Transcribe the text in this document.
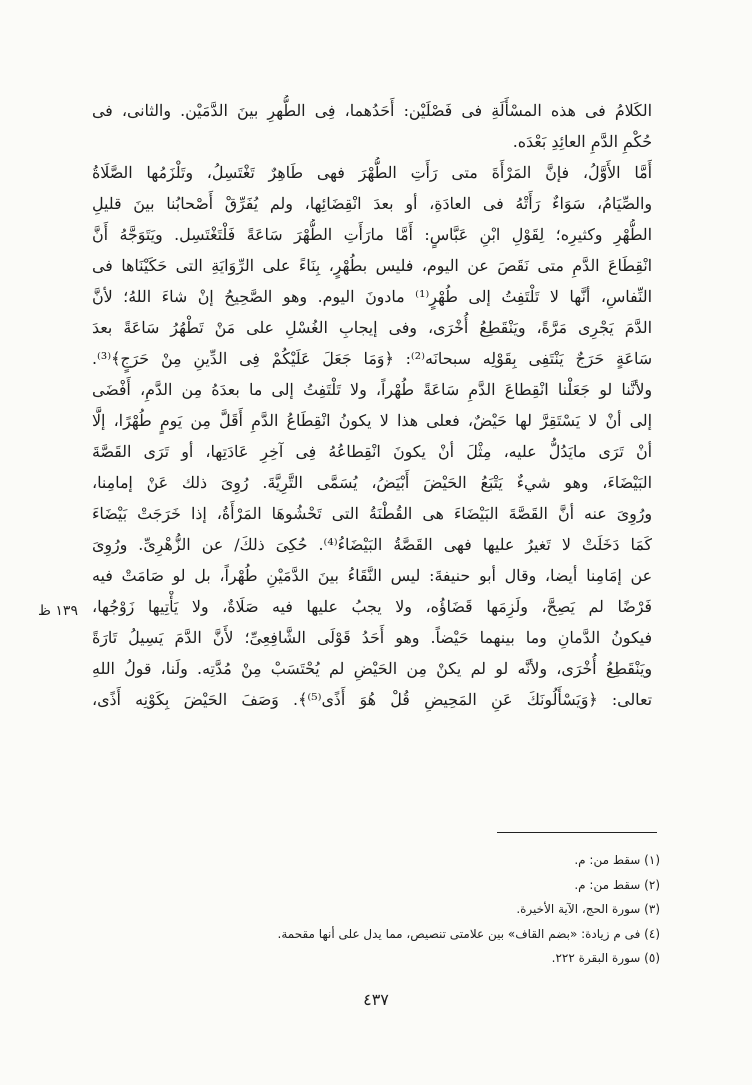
الكَلامُ فى هذه المسْأَلَةِ فى فَصْلَيْن: أَحَدُهما، فِى الطُّهرِ بينَ الدَّمَيْن. والثانى، فى
حُكْمِ الدَّمِ العائِدِ بَعْدَه.
أَمَّا الأَوَّلُ، فإنَّ المَرْأَةَ متى رَأَتِ الطُّهْرَ فهى طَاهِرٌ تَغْتَسِلُ، وتَلْزَمُها الصَّلَاةُ
والصِّيَامُ، سَوَاءٌ رَأَتْهُ فى العادَةِ، أو بعدَ انْقِضَائِها، ولم يُفَرِّقْ أَصْحابُنا بينَ قليلِ
الطُّهْرِ وكثيرِه؛ لِقَوْلِ ابْنِ عَبَّاسٍ: أَمَّا مارَأَتِ الطُّهْرَ سَاعَةً فَلْتَغْتَسِل. ويَتَوَجَّهُ أَنَّ
انْقِطَاعَ الدَّمِ متى نَقَصَ عن اليوم، فليس بطُهْرٍ، بِنَاءً على الرِّوَايَةِ التى حَكَيْنَاها فى
النِّفاسِ، أنَّها لا تَلْتَفِتُ إلى طُهْرٍ⁽¹⁾ مادونَ اليوم. وهو الصَّحِيحُ إنْ شاءَ اللهُ؛ لأنَّ
الدَّمَ يَجْرِى مَرَّةً، ويَنْقَطِعُ أُخْرَى، وفى إيجابِ الغُسْلِ على مَنْ تَطْهُرُ سَاعَةً بعدَ
سَاعَةٍ حَرَجٌ يَنْتَفِى بِقَوْلِه سبحانَه⁽²⁾: ﴿وَمَا جَعَلَ عَلَيْكُمْ فِى الدِّينِ مِنْ حَرَجٍ﴾⁽³⁾.
ولأنَّنا لو جَعَلْنا انْقِطاعَ الدَّمِ سَاعَةً طُهْراً، ولا تَلْتَفِتُ إلى ما بعدَهُ مِن الدَّمِ، أَفْضَى
إلى أنْ لا يَسْتَقِرَّ لها حَيْضٌ، فعلى هذا لا يكونُ انْقِطَاعُ الدَّمِ أَقَلَّ مِن يَومٍ طُهْرًا، إلَّا
أنْ تَرَى مايَدُلُّ عليه، مِثْلَ أنْ يكونَ انْقِطاعُهُ فِى آخِرِ عَادَتِها، أو تَرَى القَصَّةَ
البَيْضَاءَ، وهو شيءٌ يَتْبَعُ الحَيْضَ أَبْيَضُ، يُسَمَّى التَّرِيَّةَ. رُوِىَ ذلك عَنْ إمامِنا،
ورُوِىَ عنه أنَّ القَصَّةَ البَيْضَاءَ هى القُطْنَةُ التى تَحْشُوهَا المَرْأَةُ، إذا خَرَجَتْ بَيْضَاءَ
كَمَا دَخَلَتْ لا تَغيرُ عليها فهى القَصَّةُ البَيْضَاءُ⁽⁴⁾. حُكِىَ ذلكَ/ عن الزُّهْرِىِّ. ورُوِىَ
عن إمَامِنا أيضا، وقال أبو حنيفةَ: ليس النَّقَاءُ بينَ الدَّمَيْنِ طُهْراً، بل لو صَامَتْ فيه
فَرْضًا لم يَصِحَّ، ولَزِمَها قَضَاؤُه، ولا يجبُ عليها فيه صَلَاةٌ، ولا يَأْتِيها زَوْجُها،
فيكونُ الدَّمانِ وما بينهما حَيْضاً. وهو أَحَدُ قَوْلَى الشَّافِعِىِّ؛ لأَنَّ الدَّمَ يَسِيلُ تَارَةً
ويَنْقَطِعُ أُخْرَى، ولأنَّه لو لم يكنْ مِن الحَيْضِ لم يُحْتَسَبْ مِنْ مُدَّتِه. ولَنا، قولُ اللهِ
تعالى: ﴿وَيَسْأَلُونَكَ عَنِ المَحِيضِ قُلْ هُوَ أَذًى⁽⁵⁾﴾. وَصَفَ الحَيْضَ بِكَوْنِه أَذًى،
١٣٩ ظ
(١) سقط من: م.
(٢) سقط من: م.
(٣) سورة الحج، الآية الأخيرة.
(٤) فى م زيادة: «بضم القاف» بين علامتى تنصيص، مما يدل على أنها مقحمة.
(٥) سورة البقرة ٢٢٢.
٤٣٧
